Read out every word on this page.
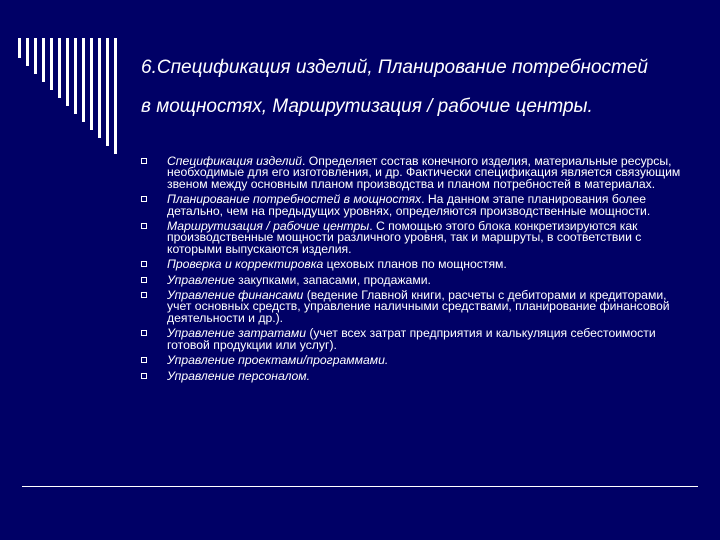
6.Спецификация изделий, Планирование потребностей
в мощностях, Маршрутизация / рабочие центры.
Спецификация изделий. Определяет состав конечного изделия, материальные ресурсы, необходимые для его изготовления, и др. Фактически спецификация является связующим звеном между основным планом производства и планом потребностей в материалах.
Планирование потребностей в мощностях. На данном этапе планирования более детально, чем на предыдущих уровнях, определяются производственные мощности.
Маршрутизация / рабочие центры. С помощью этого блока конкретизируются как производственные мощности различного уровня, так и маршруты, в соответствии с которыми выпускаются изделия.
Проверка и корректировка цеховых планов по мощностям.
Управление закупками, запасами, продажами.
Управление финансами (ведение Главной книги, расчеты с дебиторами и кредиторами, учет основных средств, управление наличными средствами, планирование финансовой деятельности и др.).
Управление затратами (учет всех затрат предприятия и калькуляция себестоимости готовой продукции или услуг).
Управление проектами/программами.
Управление персоналом.
